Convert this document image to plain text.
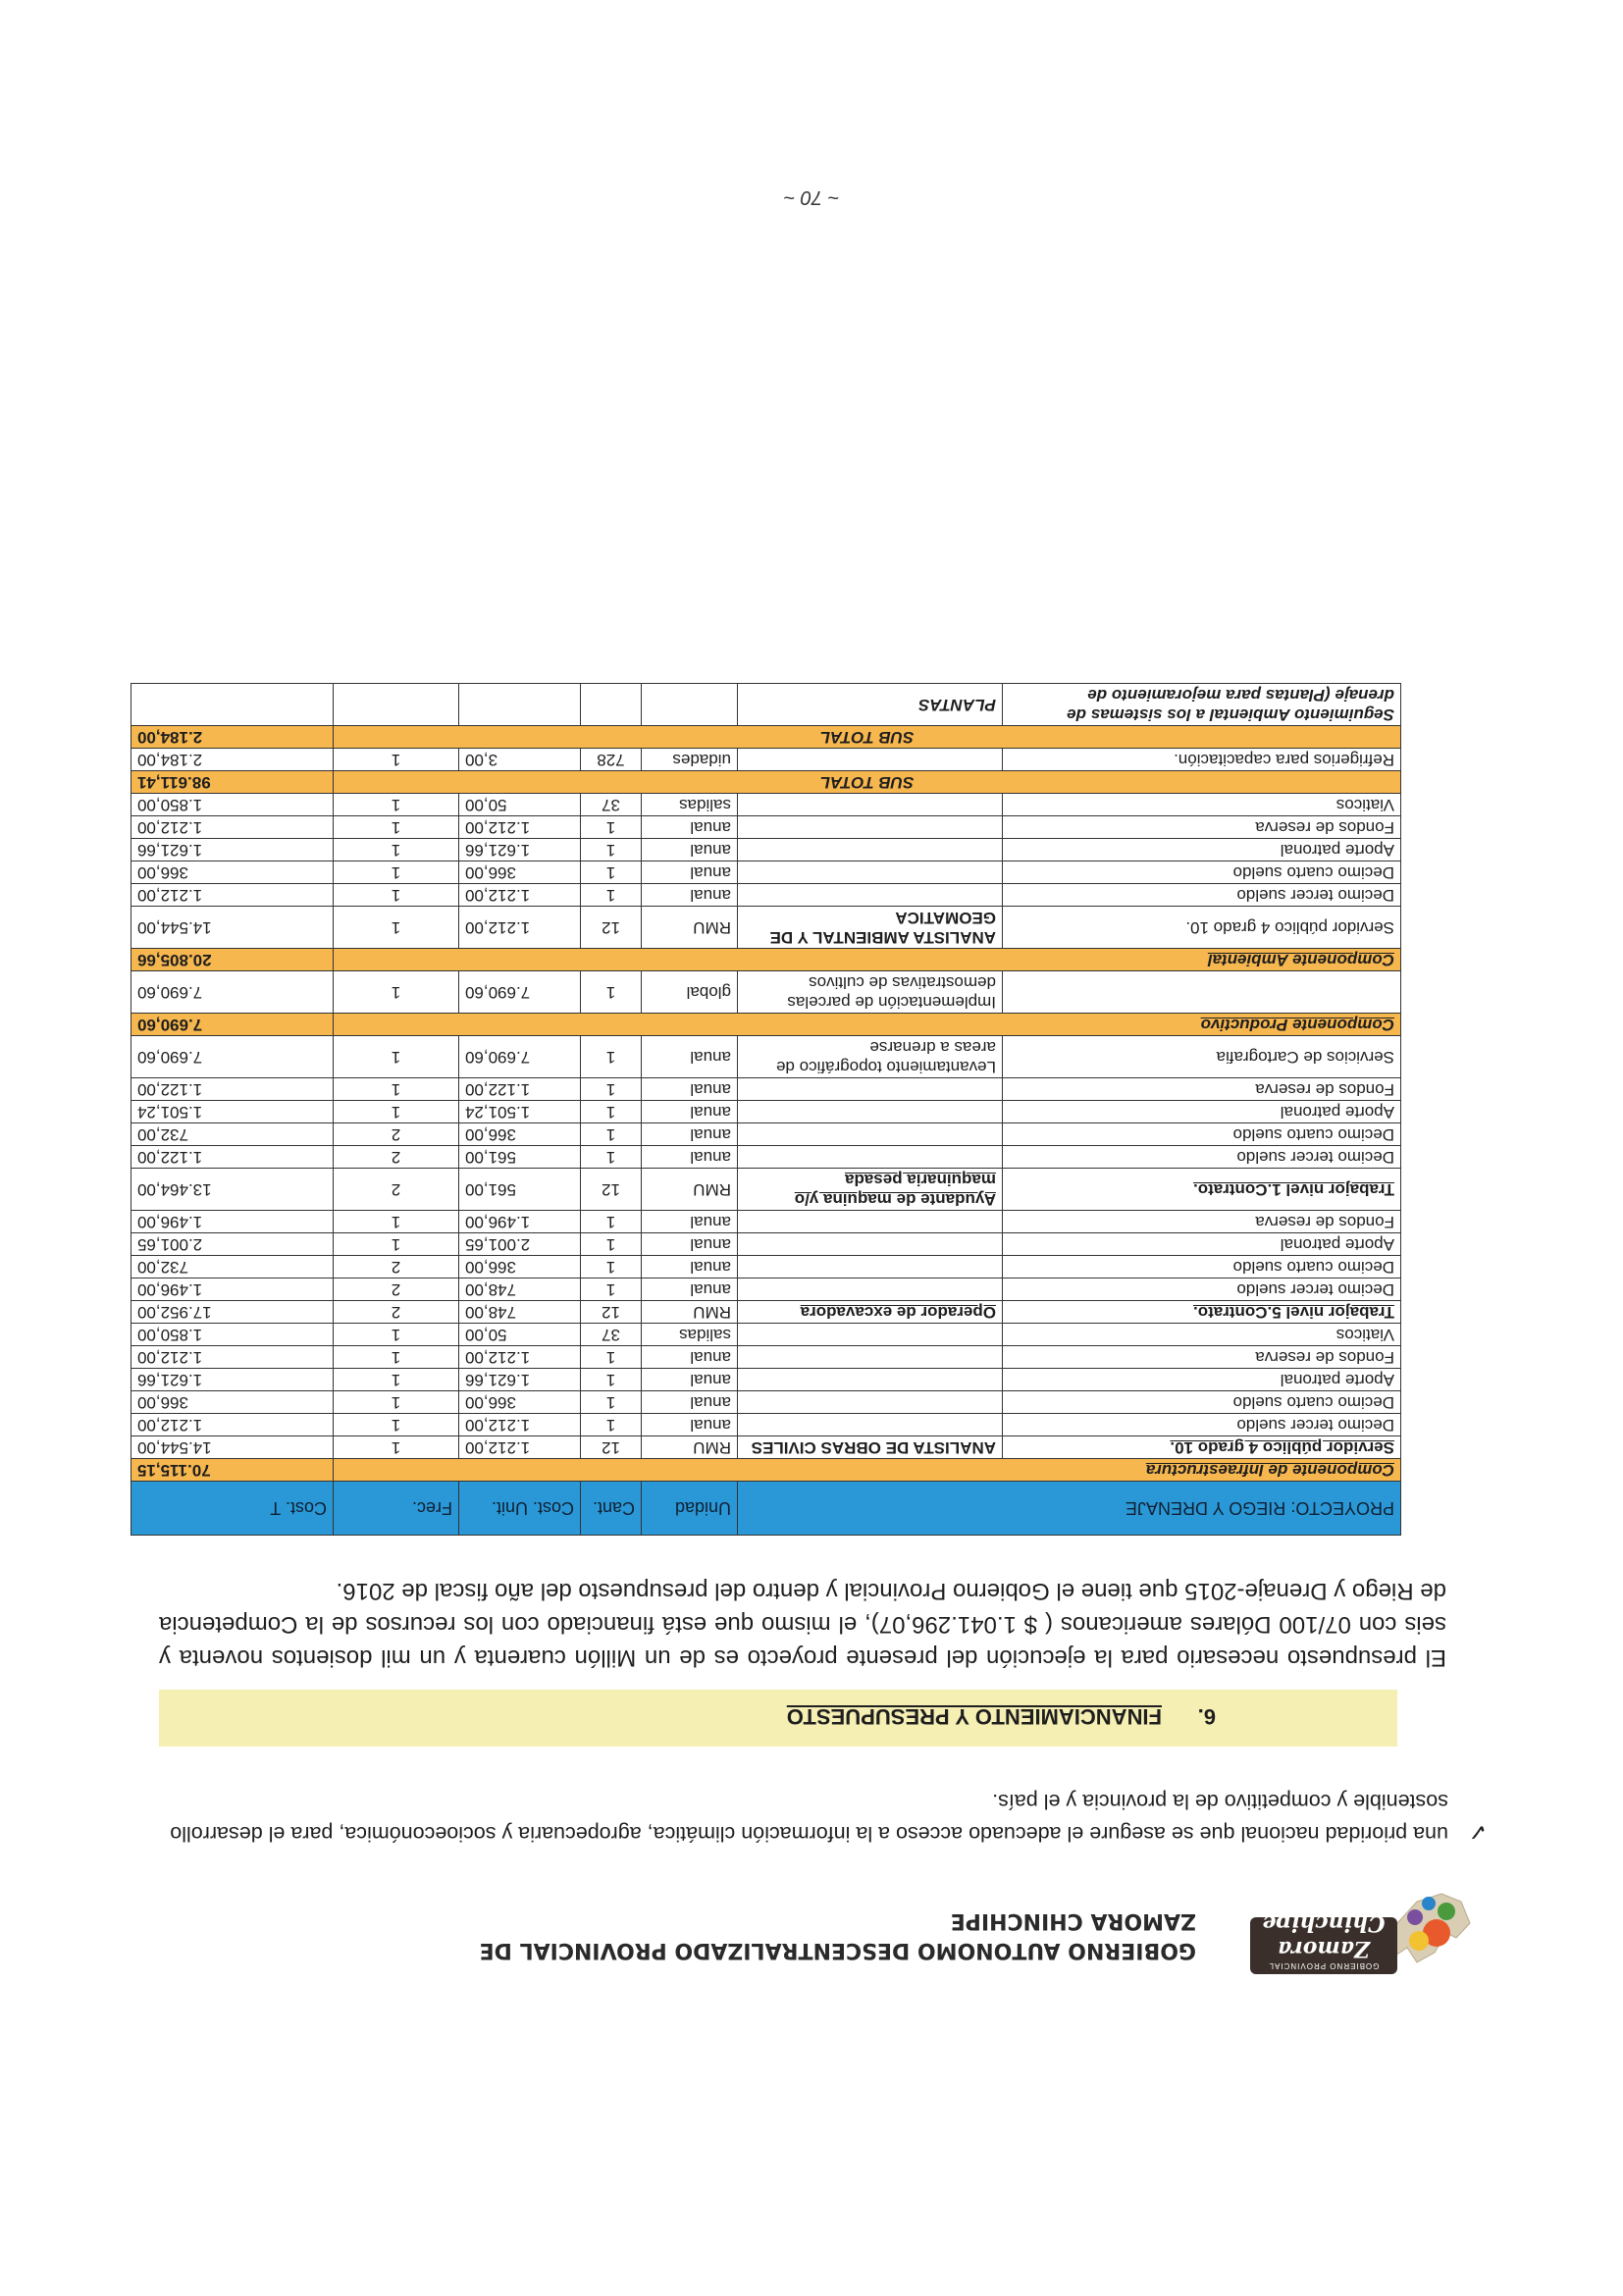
GOBIERNO PROVINCIAL
Zamora Chinchipe
GOBIERNO AUTONOMO DESCENTRALIZADO PROVINCIAL DE
ZAMORA CHINCHIPE
✓
una prioridad nacional que se asegure el adecuado acceso a la información climática, agropecuaria y socioeconómica, para el desarrollo sostenible y competitivo de la provincia y el país.
6.
FINANCIAMIENTO Y PRESUPUESTO
El presupuesto necesario para la ejecución del presente proyecto es de un Millón cuarenta y un mil dosientos noventa y seis con 07/100 Dólares americanos ( $ 1.041.296,07), el mismo que está financiado con los recursos de la Competencia de Riego y Drenaje-2015 que tiene el Gobierno Provincial y dentro del presupuesto del año fiscal de 2016.
PROYECTO: RIEGO Y DRENAJE		Unidad	Cant.	Cost. Unit.	Frec.	Cost. T
Componente de Infraestructura						70.115,15
Servidor público 4 grado 10.	ANALISTA DE OBRAS CIVILES	RMU	12	1.212,00	1	14.544,00
Decimo tercer sueldo		anual	1	1.212,00	1	1.212,00
Decimo cuarto sueldo		anual	1	366,00	1	366,00
Aporte patronal		anual	1	1.621,66	1	1.621,66
Fondos de reserva		anual	1	1.212,00	1	1.212,00
Viaticos		salidas	37	50,00	1	1.850,00
Trabajor nivel 5.Contrato.	Operador de excavadora	RMU	12	748,00	2	17.952,00
Decimo tercer sueldo		anual	1	748,00	2	1.496,00
Decimo cuarto sueldo		anual	1	366,00	2	732,00
Aporte patronal		anual	1	2.001,65	1	2.001,65
Fondos de reserva		anual	1	1.496,00	1	1.496,00
Trabajor nivel 1.Contrato.	Ayudante de maquina y/o maquinaria pesada	RMU	12	561,00	2	13.464,00
Decimo tercer sueldo		anual	1	561,00	2	1.122,00
Decimo cuarto sueldo		anual	1	366,00	2	732,00
Aporte patronal		anual	1	1.501,24	1	1.501,24
Fondos de reserva		anual	1	1.122,00	1	1.122,00
Servicios de Cartografia	Levantamiento topográfico de areas a drenarse	anual	1	7.690,60	1	7.690,60
Componente Productivo						7.690,60
	Implementación de parcelas demostrativas de cultivos	global	1	7.690,60	1	7.690,60
Componente Ambiental						20.805,66
Servidor público 4 grado 10.	ANALISTA AMBIENTAL Y DE GEOMATICA	RMU	12	1.212,00	1	14.544,00
Decimo tercer sueldo		anual	1	1.212,00	1	1.212,00
Decimo cuarto sueldo		anual	1	366,00	1	366,00
Aporte patronal		anual	1	1.621,66	1	1.621,66
Fondos de reserva		anual	1	1.212,00	1	1.212,00
Viaticos		salidas	37	50,00	1	1.850,00
SUB TOTAL						98.611,41
Refrigerios para capacitación.		uidades	728	3,00	1	2.184,00
SUB TOTAL						2.184,00
Seguimiento Ambiental a los sistemas de drenaje (Plantas para mejoramiento de	PLANTAS					
~ 70 ~
